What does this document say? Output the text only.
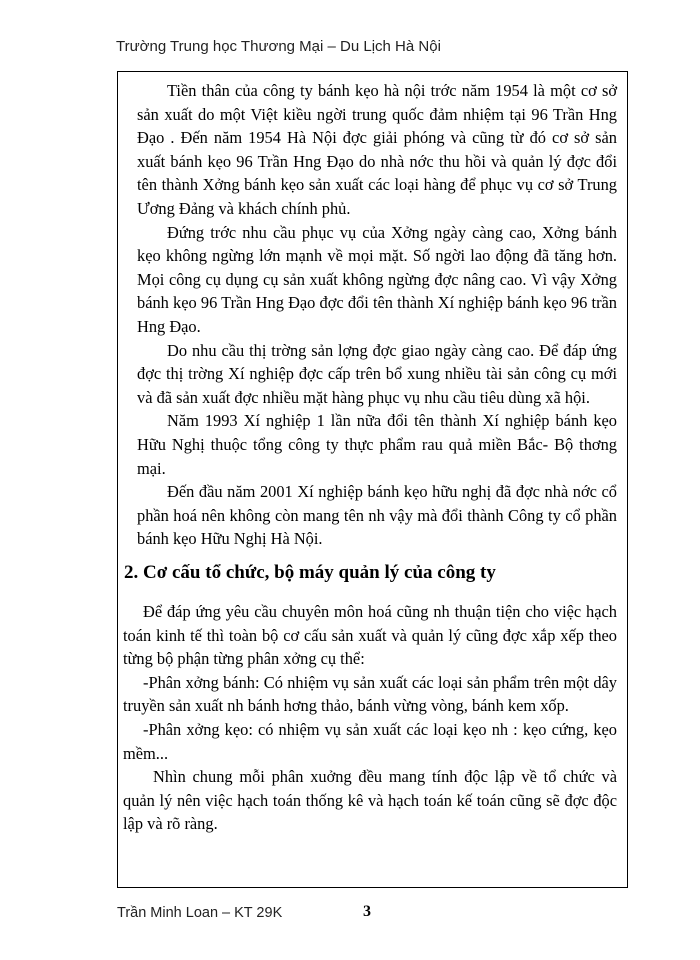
Trường Trung học Thương Mại – Du Lịch Hà Nội

Tiền thân của công ty bánh kẹo hà nội trớc năm 1954 là một cơ sở sản xuất do một Việt kiều ngời trung quốc đảm nhiệm tại 96 Trần Hng Đạo . Đến năm 1954 Hà Nội đợc giải phóng và cũng từ đó cơ sở sản xuất bánh kẹo 96 Trần Hng Đạo do nhà nớc thu hồi và quản lý đợc đổi tên thành Xởng bánh kẹo sản xuất các loại hàng để phục vụ cơ sở Trung Ương Đảng và khách chính phủ.

Đứng trớc nhu cầu phục vụ của Xởng ngày càng cao, Xởng bánh kẹo không ngừng lớn mạnh về mọi mặt. Số ngời lao động đã tăng hơn. Mọi công cụ dụng cụ sản xuất không ngừng đợc nâng cao. Vì vậy Xởng bánh kẹo 96 Trần Hng Đạo đợc đổi tên thành Xí nghiệp bánh kẹo 96 trần Hng Đạo.

Do nhu cầu thị trờng sản lợng đợc giao ngày càng cao. Để đáp ứng đợc thị trờng Xí nghiệp đợc cấp trên bổ xung nhiều tài sản công cụ mới và đã sản xuất đợc nhiều mặt hàng phục vụ nhu cầu tiêu dùng xã hội.

Năm 1993 Xí nghiệp 1 lần nữa đổi tên thành Xí nghiệp bánh kẹo Hữu Nghị thuộc tổng công ty thực phẩm rau quả miền Bắc- Bộ thơng mại.

Đến đầu năm 2001 Xí nghiệp bánh kẹo hữu nghị đã đợc nhà nớc cổ phần hoá nên không còn mang tên nh vậy mà đổi thành Công ty cổ phần bánh kẹo Hữu Nghị Hà Nội.

2. Cơ cấu tổ chức, bộ máy quản lý của công ty

Để đáp ứng yêu cầu chuyên môn hoá cũng nh thuận tiện cho việc hạch toán kinh tế thì toàn bộ cơ cấu sản xuất và quản lý cũng đợc xắp xếp theo từng bộ phận từng phân xởng cụ thể:

-Phân xởng bánh: Có nhiệm vụ sản xuất các loại sản phẩm trên một dây truyền sản xuất nh bánh hơng thảo, bánh vừng vòng, bánh kem xốp.

-Phân xởng kẹo: có nhiệm vụ sản xuất các loại kẹo nh : kẹo cứng, kẹo mềm...

Nhìn chung mỗi phân xuởng đều mang tính độc lập về tổ chức và quản lý nên việc hạch toán thống kê và hạch toán kế toán cũng sẽ đợc độc lập và rõ ràng.

Trần Minh Loan – KT 29K	3
